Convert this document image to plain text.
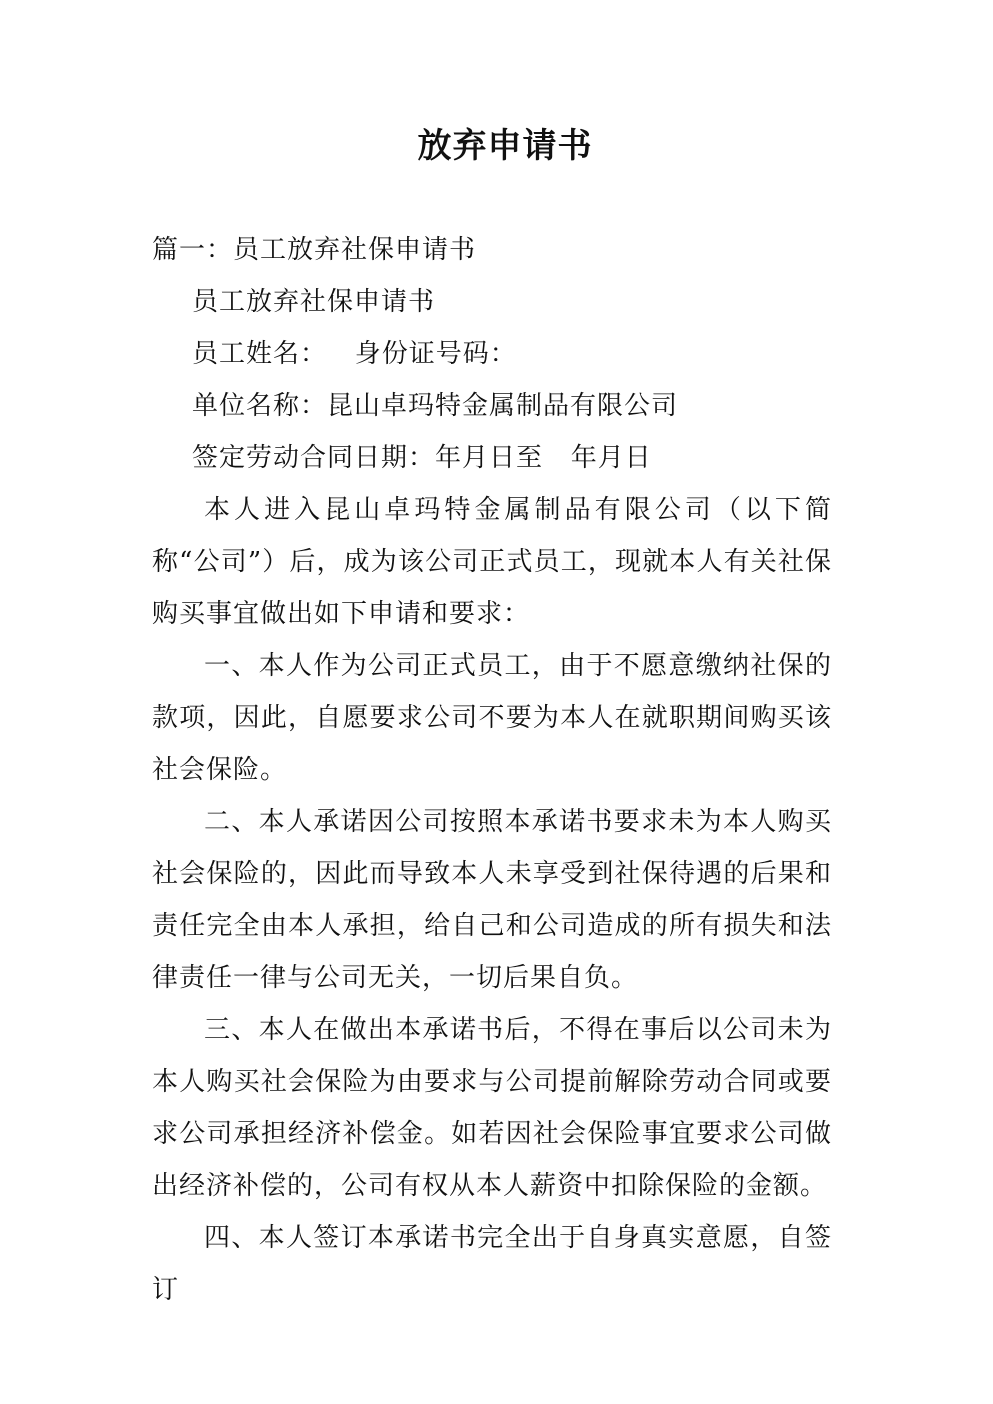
放弃申请书

篇一：员工放弃社保申请书

员工放弃社保申请书

员工姓名：   身份证号码：

单位名称：昆山卓玛特金属制品有限公司

签定劳动合同日期：年月日至   年月日

本人进入昆山卓玛特金属制品有限公司（以下简称“公司”）后，成为该公司正式员工，现就本人有关社保购买事宜做出如下申请和要求：

一、本人作为公司正式员工，由于不愿意缴纳社保的款项，因此，自愿要求公司不要为本人在就职期间购买该社会保险。

二、本人承诺因公司按照本承诺书要求未为本人购买社会保险的，因此而导致本人未享受到社保待遇的后果和责任完全由本人承担，给自己和公司造成的所有损失和法律责任一律与公司无关，一切后果自负。

三、本人在做出本承诺书后，不得在事后以公司未为本人购买社会保险为由要求与公司提前解除劳动合同或要求公司承担经济补偿金。如若因社会保险事宜要求公司做出经济补偿的，公司有权从本人薪资中扣除保险的金额。

四、本人签订本承诺书完全出于自身真实意愿，自签订
